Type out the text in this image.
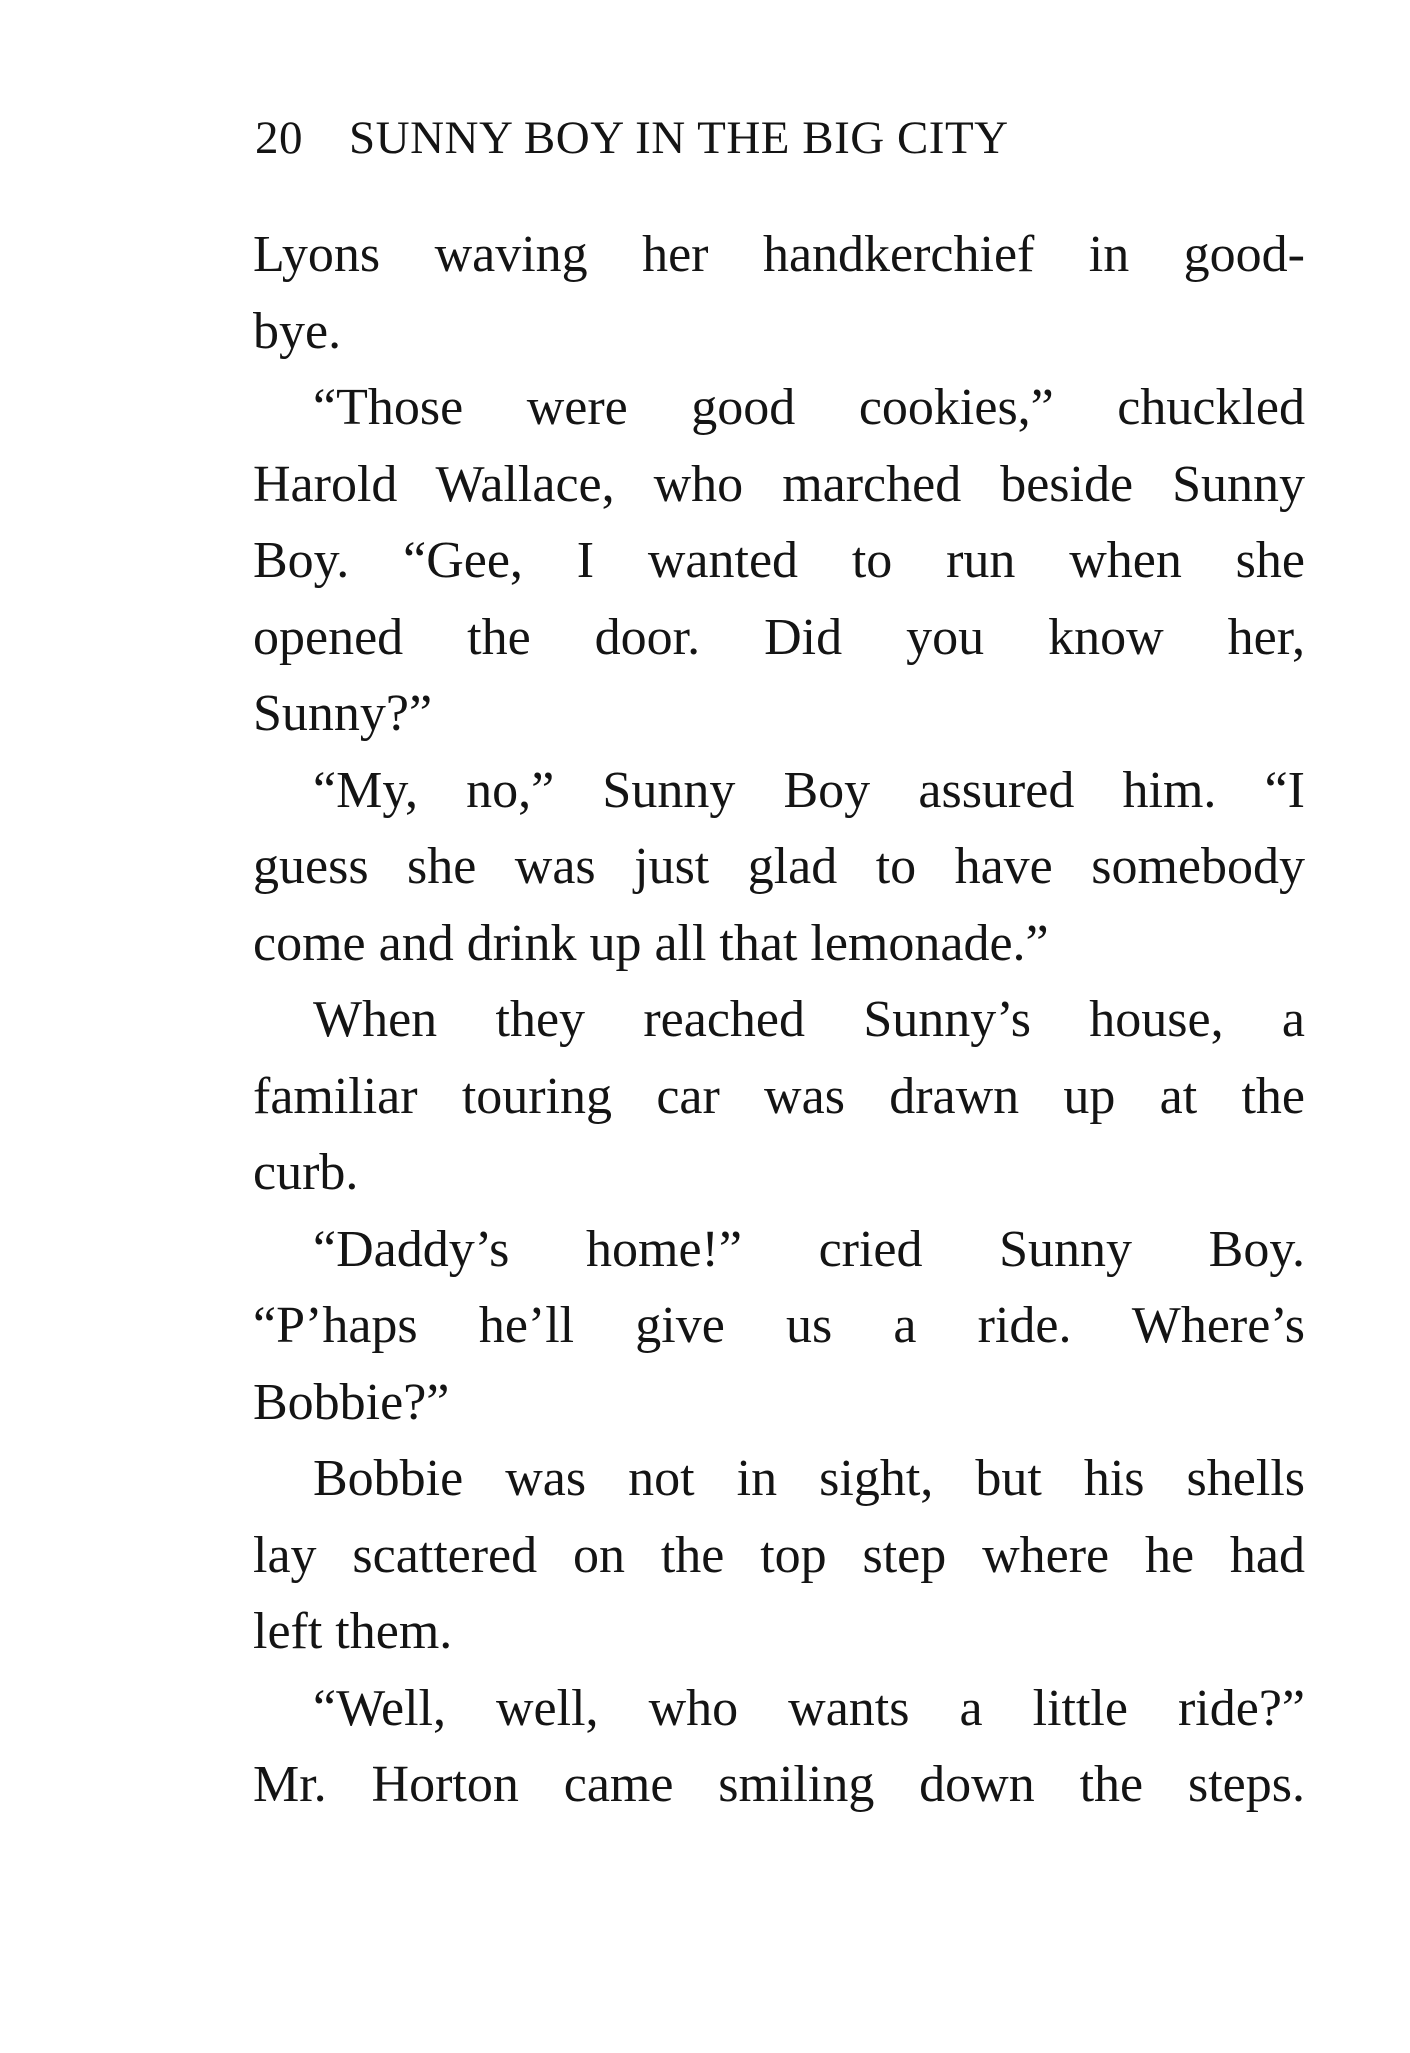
20 SUNNY BOY IN THE BIG CITY
Lyons waving her handkerchief in good-
bye.
“Those were good cookies,” chuckled
Harold Wallace, who marched beside Sunny
Boy. “Gee, I wanted to run when she
opened the door. Did you know her,
Sunny?”
“My, no,” Sunny Boy assured him. “I
guess she was just glad to have somebody
come and drink up all that lemonade.”
When they reached Sunny’s house, a
familiar touring car was drawn up at the
curb.
“Daddy’s home!” cried Sunny Boy.
“P’haps he’ll give us a ride. Where’s
Bobbie?”
Bobbie was not in sight, but his shells
lay scattered on the top step where he had
left them.
“Well, well, who wants a little ride?”
Mr. Horton came smiling down the steps.
